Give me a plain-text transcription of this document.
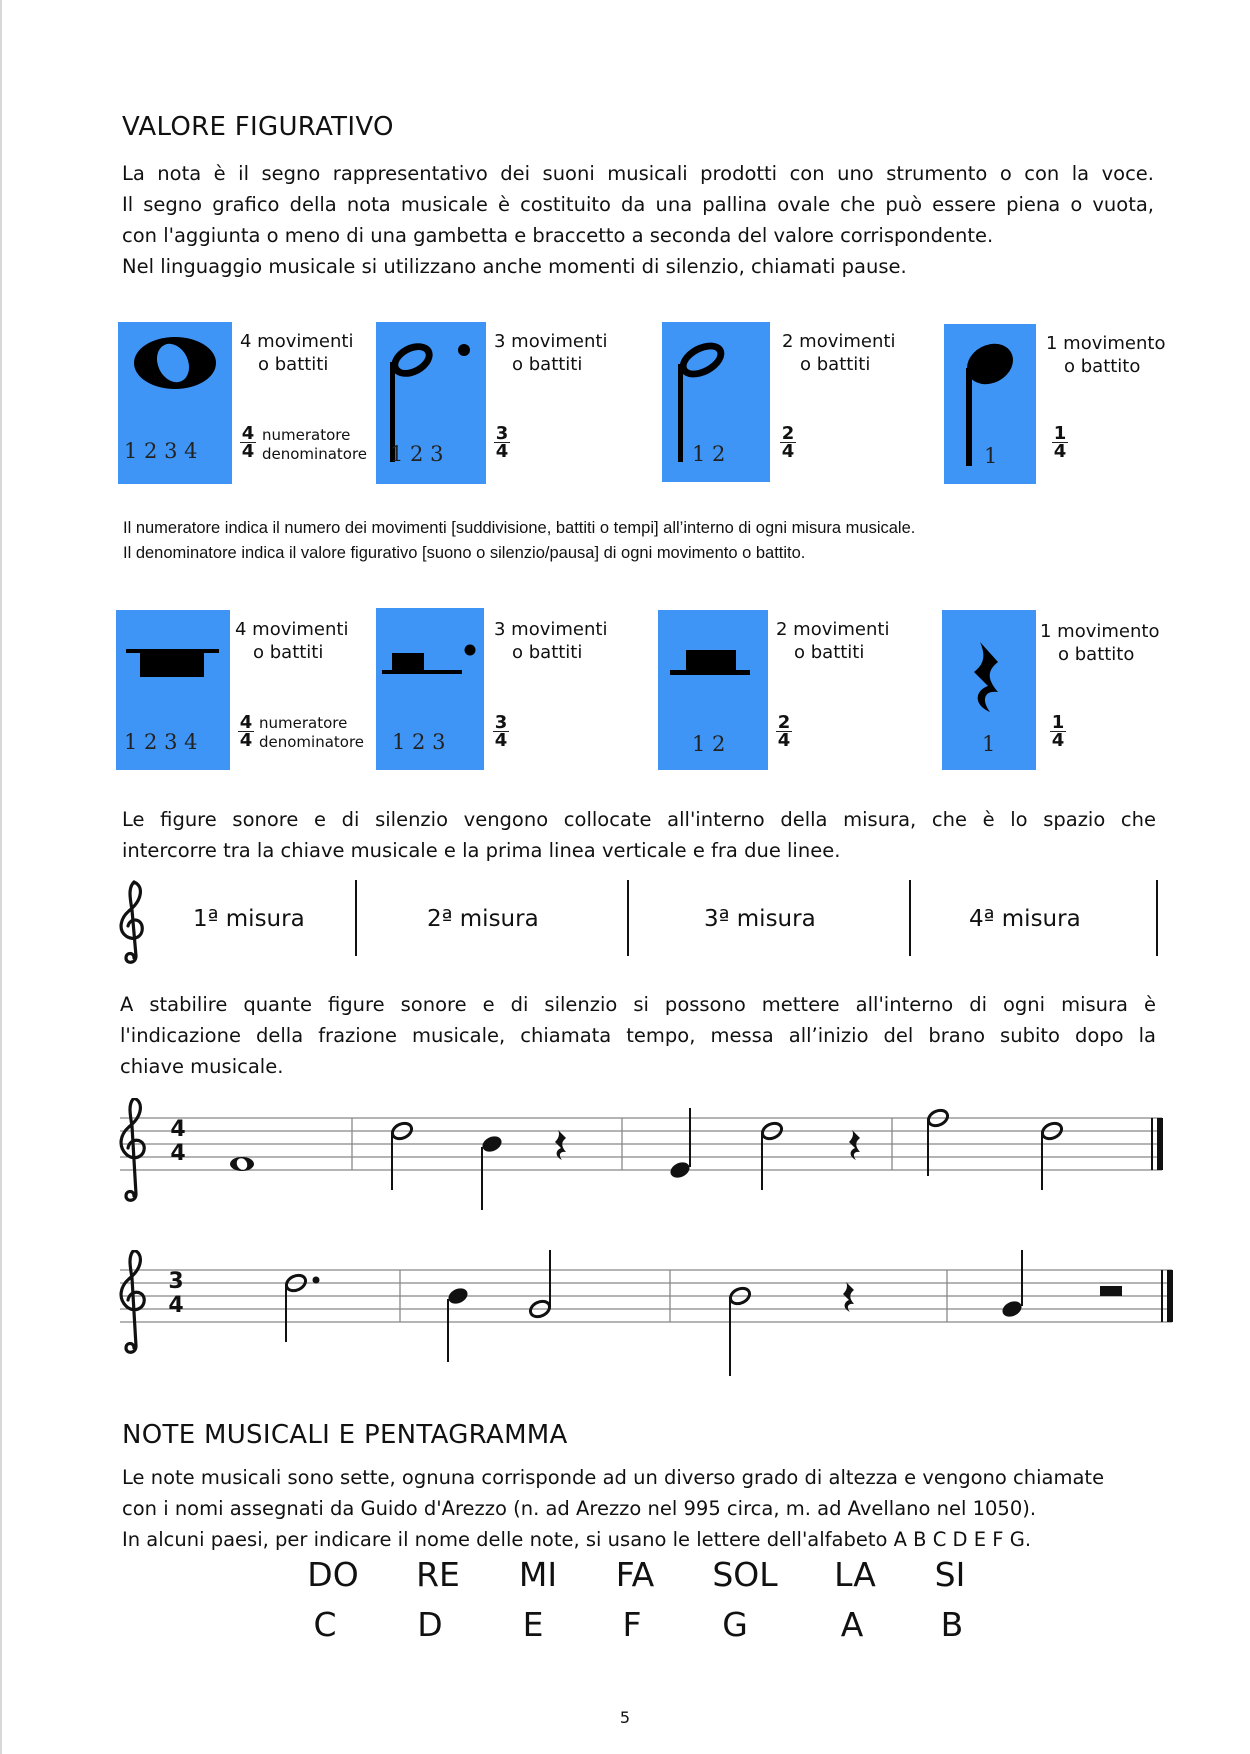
VALORE FIGURATIVO

La nota è il segno rappresentativo dei suoni musicali prodotti con uno strumento o con la voce.

Il segno grafico della nota musicale è costituito da una pallina ovale che può essere piena o vuota,

con l'aggiunta o meno di una gambetta e braccetto a seconda del valore corrispondente.

Nel linguaggio musicale si utilizzano anche momenti di silenzio, chiamati pause.

1 2 3 4
4 movimenti
o battiti
$\frac{4}{4}$ numeratore
denominatore 1 2 3
3 movimenti
o battiti
$\frac{3}{4}$	1 2
2 movimenti
o battiti
$\frac{2}{4}$	1
1 movimento
o battito
$\frac{1}{4}$
Il numeratore indica il numero dei movimenti [suddivisione, battiti o tempi] all’interno di ogni misura musicale.
Il denominatore indica il valore figurativo [suono o silenzio/pausa] di ogni movimento o battito.
1 2 3 4
4 movimenti
o battiti
$\frac{4}{4}$ numeratore
denominatore 1 2 3
3 movimenti
o battiti
$\frac{3}{4}$	1 2
2 movimenti
o battiti
$\frac{2}{4}$	1
1 movimento
o battito
$\frac{1}{4}$

Le figure sonore e di silenzio vengono collocate all'interno della misura, che è lo spazio che

intercorre tra la chiave musicale e la prima linea verticale e fra due linee.

1ª misura	2ª misura	3ª misura	4ª misura

A stabilire quante figure sonore e di silenzio si possono mettere all'interno di ogni misura è

l'indicazione della frazione musicale, chiamata tempo, messa all’inizio del brano subito dopo la

chiave musicale.

4
4
3
4
NOTE MUSICALI E PENTAGRAMMA

Le note musicali sono sette, ognuna corrisponde ad un diverso grado di altezza e vengono chiamate

con i nomi assegnati da Guido d'Arezzo (n. ad Arezzo nel 995 circa, m. ad Avellano nel 1050).

In alcuni paesi, per indicare il nome delle note, si usano le lettere dell'alfabeto A B C D E F G.

DO	RE	MI	FA	SOL	LA	SI
C	D	E	F	G	A	B
5
